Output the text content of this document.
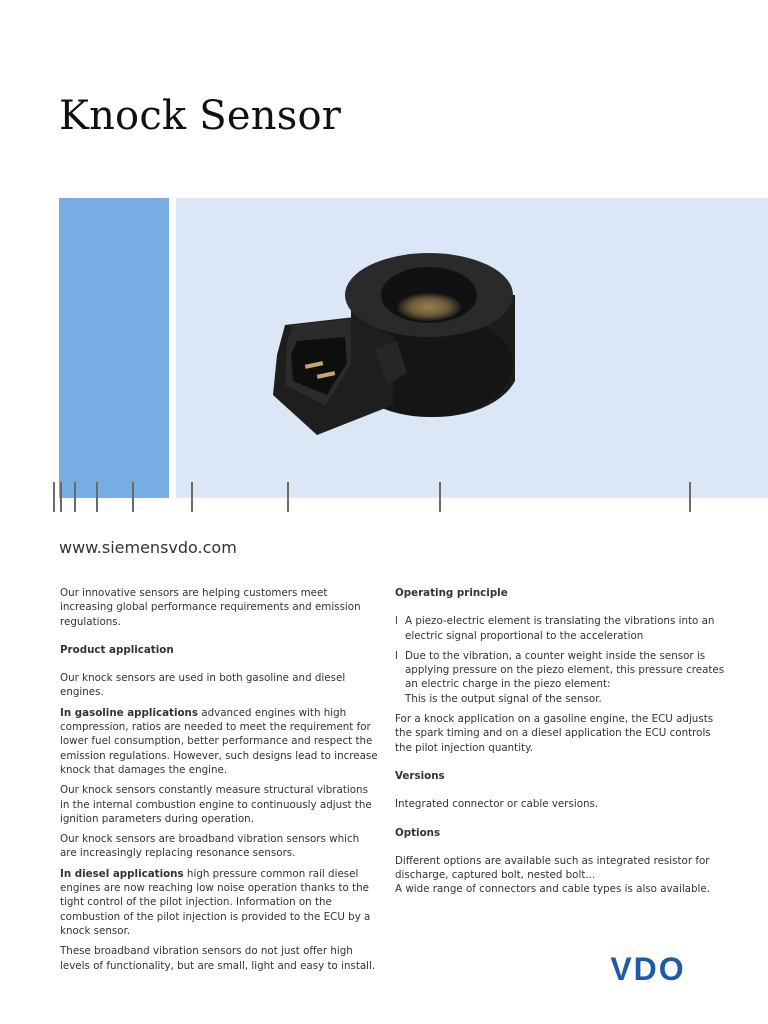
Knock Sensor
www.siemensvdo.com

Our innovative sensors are helping customers meet increasing global performance requirements and emission regulations.

Product application

Our knock sensors are used in both gasoline and diesel engines.

In gasoline applications advanced engines with high compression, ratios are needed to meet the requirement for lower fuel consumption, better performance and respect the emission regulations. However, such designs lead to increase knock that damages the engine.

Our knock sensors constantly measure structural vibrations in the internal combustion engine to continuously adjust the ignition parameters during operation.

Our knock sensors are broadband vibration sensors which are increasingly replacing resonance sensors.

In diesel applications high pressure common rail diesel engines are now reaching low noise operation thanks to the tight control of the pilot injection. Information on the combustion of the pilot injection is provided to the ECU by a knock sensor.

These broadband vibration sensors do not just offer high levels of functionality, but are small, light and easy to install.

Operating principle
l A piezo-electric element is translating the vibrations into an electric signal proportional to the acceleration
l Due to the vibration, a counter weight inside the sensor is applying pressure on the piezo element, this pressure creates an electric charge in the piezo element:
This is the output signal of the sensor.

For a knock application on a gasoline engine, the ECU adjusts the spark timing and on a diesel application the ECU controls the pilot injection quantity.

Versions

Integrated connector or cable versions.

Options

Different options are available such as integrated resistor for discharge, captured bolt, nested bolt...

A wide range of connectors and cable types is also available.

VDO
